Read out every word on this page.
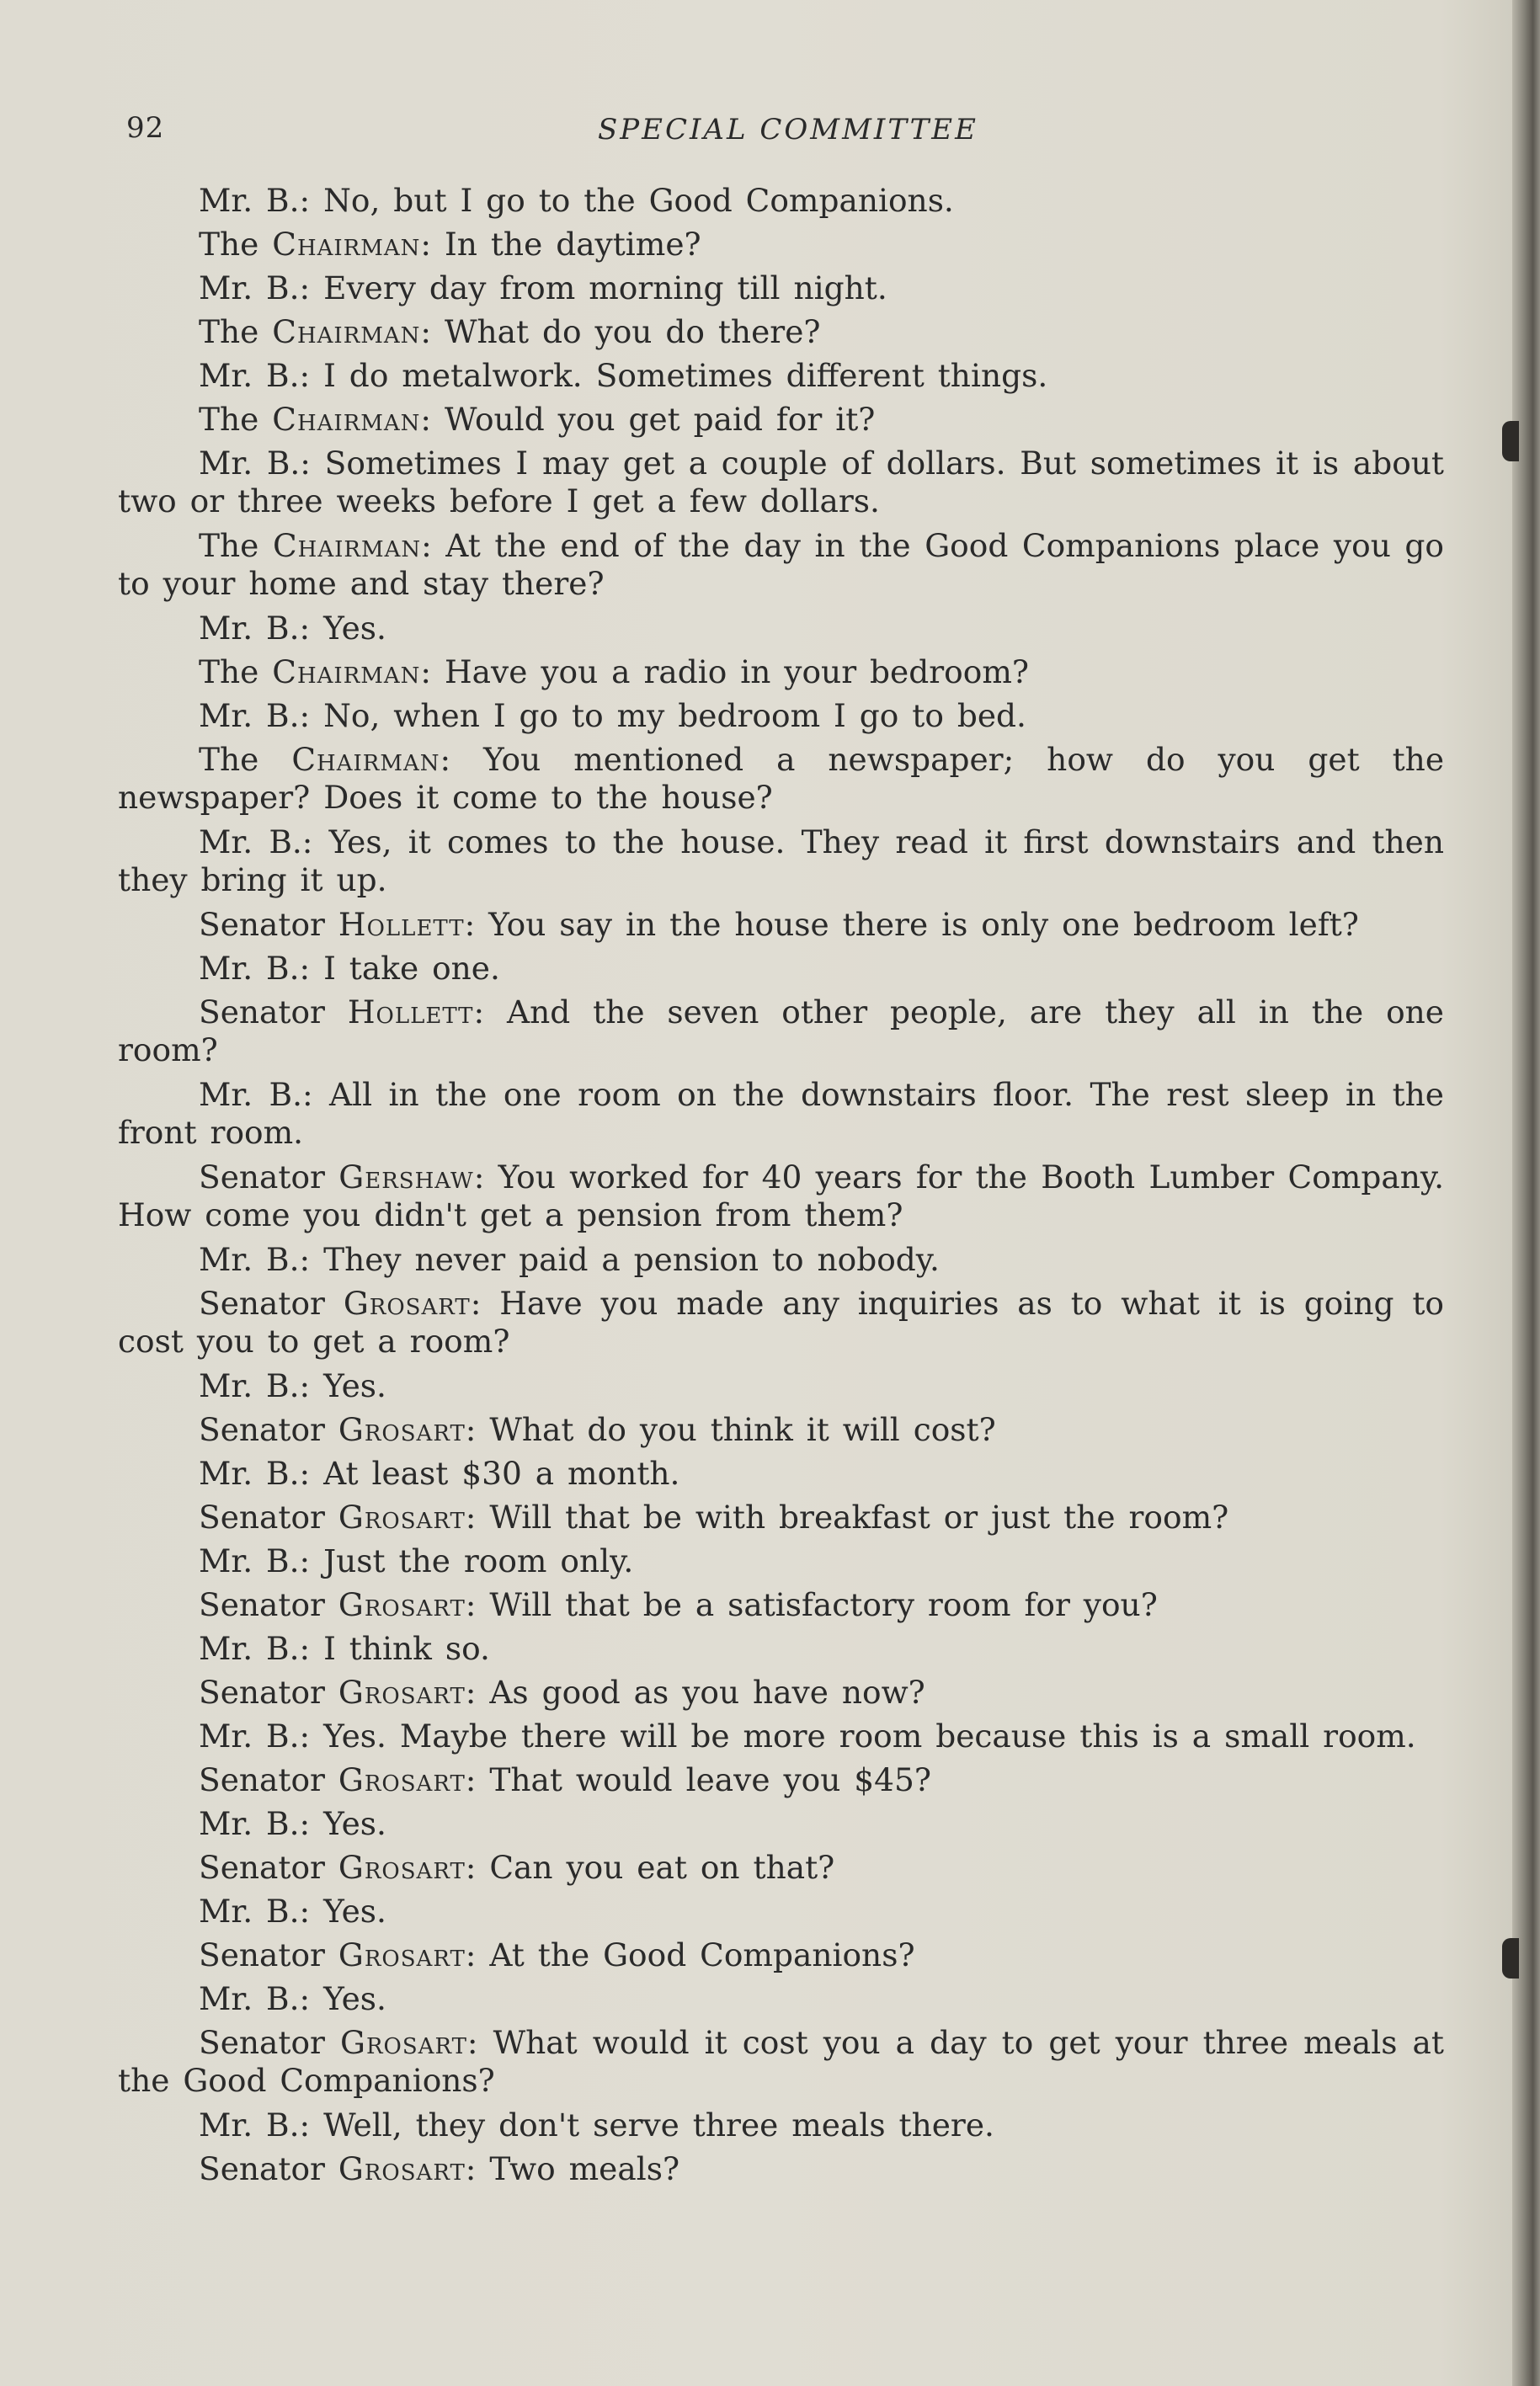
92	SPECIAL COMMITTEE

Mr. B.: No, but I go to the Good Companions.

The Chairman: In the daytime?

Mr. B.: Every day from morning till night.

The Chairman: What do you do there?

Mr. B.: I do metalwork. Sometimes different things.

The Chairman: Would you get paid for it?

Mr. B.: Sometimes I may get a couple of dollars. But sometimes it is about two or three weeks before I get a few dollars.

The Chairman: At the end of the day in the Good Companions place you go to your home and stay there?

Mr. B.: Yes.

The Chairman: Have you a radio in your bedroom?

Mr. B.: No, when I go to my bedroom I go to bed.

The Chairman: You mentioned a newspaper; how do you get the newspaper? Does it come to the house?

Mr. B.: Yes, it comes to the house. They read it first downstairs and then they bring it up.

Senator Hollett: You say in the house there is only one bedroom left?

Mr. B.: I take one.

Senator Hollett: And the seven other people, are they all in the one room?

Mr. B.: All in the one room on the downstairs floor. The rest sleep in the front room.

Senator Gershaw: You worked for 40 years for the Booth Lumber Company. How come you didn't get a pension from them?

Mr. B.: They never paid a pension to nobody.

Senator Grosart: Have you made any inquiries as to what it is going to cost you to get a room?

Mr. B.: Yes.

Senator Grosart: What do you think it will cost?

Mr. B.: At least $30 a month.

Senator Grosart: Will that be with breakfast or just the room?

Mr. B.: Just the room only.

Senator Grosart: Will that be a satisfactory room for you?

Mr. B.: I think so.

Senator Grosart: As good as you have now?

Mr. B.: Yes. Maybe there will be more room because this is a small room.

Senator Grosart: That would leave you $45?

Mr. B.: Yes.

Senator Grosart: Can you eat on that?

Mr. B.: Yes.

Senator Grosart: At the Good Companions?

Mr. B.: Yes.

Senator Grosart: What would it cost you a day to get your three meals at the Good Companions?

Mr. B.: Well, they don't serve three meals there.

Senator Grosart: Two meals?
